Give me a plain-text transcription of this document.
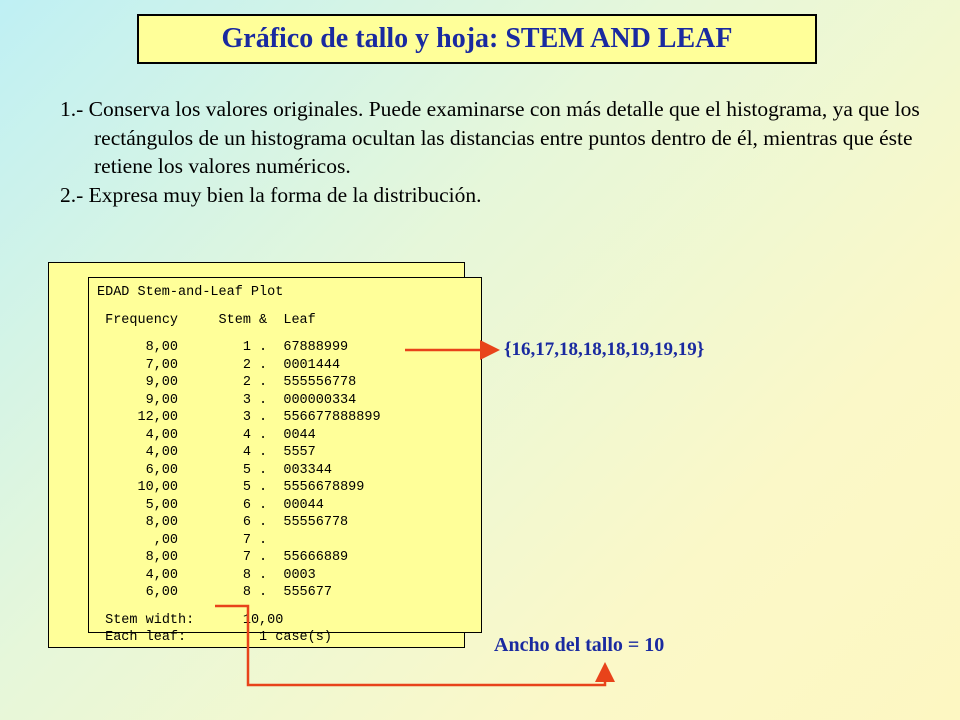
Gráfico de tallo y hoja: STEM AND LEAF
1.- Conserva los valores originales. Puede examinarse con más detalle que el histograma, ya que los rectángulos de un histograma ocultan las distancias entre puntos dentro de él, mientras que éste retiene los valores numéricos.
2.- Expresa muy bien la forma de la distribución.
EDAD Stem-and-Leaf Plot
Frequency	Stem & Leaf
8,00	1 .  67888999
7,00	2 .  0001444
9,00	2 .  555556778
9,00	3 .  000000334
12,00	3 .  556677888899
4,00	4 .  0044
4,00	4 .  5557
6,00	5 .  003344
10,00	5 .  5556678899
5,00	6 .  00044
8,00	6 .  55556778
,00	7 .
8,00	7 .  55666889
4,00	8 .  0003
6,00	8 .  555677
Stem width:	10,00
Each leaf:	1 case(s)
{16,17,18,18,18,19,19,19}
Ancho del tallo = 10
